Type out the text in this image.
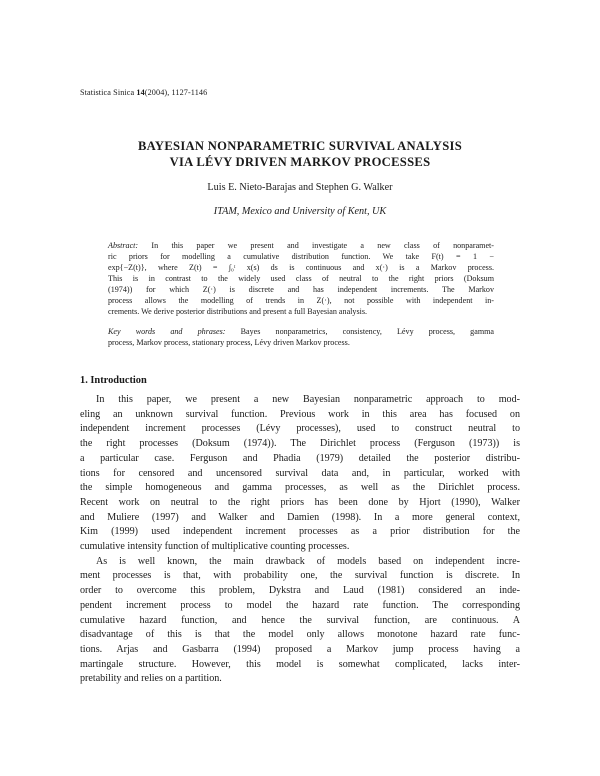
Statistica Sinica 14(2004), 1127-1146
BAYESIAN NONPARAMETRIC SURVIVAL ANALYSIS
VIA LÉVY DRIVEN MARKOV PROCESSES
Luis E. Nieto-Barajas and Stephen G. Walker
ITAM, Mexico and University of Kent, UK
Abstract: In this paper we present and investigate a new class of nonparamet-
ric priors for modelling a cumulative distribution function. We take F(t) = 1 −
exp{−Z(t)}, where Z(t) = ∫₀ᵗ x(s) ds is continuous and x(·) is a Markov process.
This is in contrast to the widely used class of neutral to the right priors (Doksum
(1974)) for which Z(·) is discrete and has independent increments. The Markov
process allows the modelling of trends in Z(·), not possible with independent in-
crements. We derive posterior distributions and present a full Bayesian analysis.
Key words and phrases: Bayes nonparametrics, consistency, Lévy process, gamma
process, Markov process, stationary process, Lévy driven Markov process.
1. Introduction
In this paper, we present a new Bayesian nonparametric approach to mod-
eling an unknown survival function. Previous work in this area has focused on
independent increment processes (Lévy processes), used to construct neutral to
the right processes (Doksum (1974)). The Dirichlet process (Ferguson (1973)) is
a particular case. Ferguson and Phadia (1979) detailed the posterior distribu-
tions for censored and uncensored survival data and, in particular, worked with
the simple homogeneous and gamma processes, as well as the Dirichlet process.
Recent work on neutral to the right priors has been done by Hjort (1990), Walker
and Muliere (1997) and Walker and Damien (1998). In a more general context,
Kim (1999) used independent increment processes as a prior distribution for the
cumulative intensity function of multiplicative counting processes.
As is well known, the main drawback of models based on independent incre-
ment processes is that, with probability one, the survival function is discrete. In
order to overcome this problem, Dykstra and Laud (1981) considered an inde-
pendent increment process to model the hazard rate function. The corresponding
cumulative hazard function, and hence the survival function, are continuous. A
disadvantage of this is that the model only allows monotone hazard rate func-
tions. Arjas and Gasbarra (1994) proposed a Markov jump process having a
martingale structure. However, this model is somewhat complicated, lacks inter-
pretability and relies on a partition.
